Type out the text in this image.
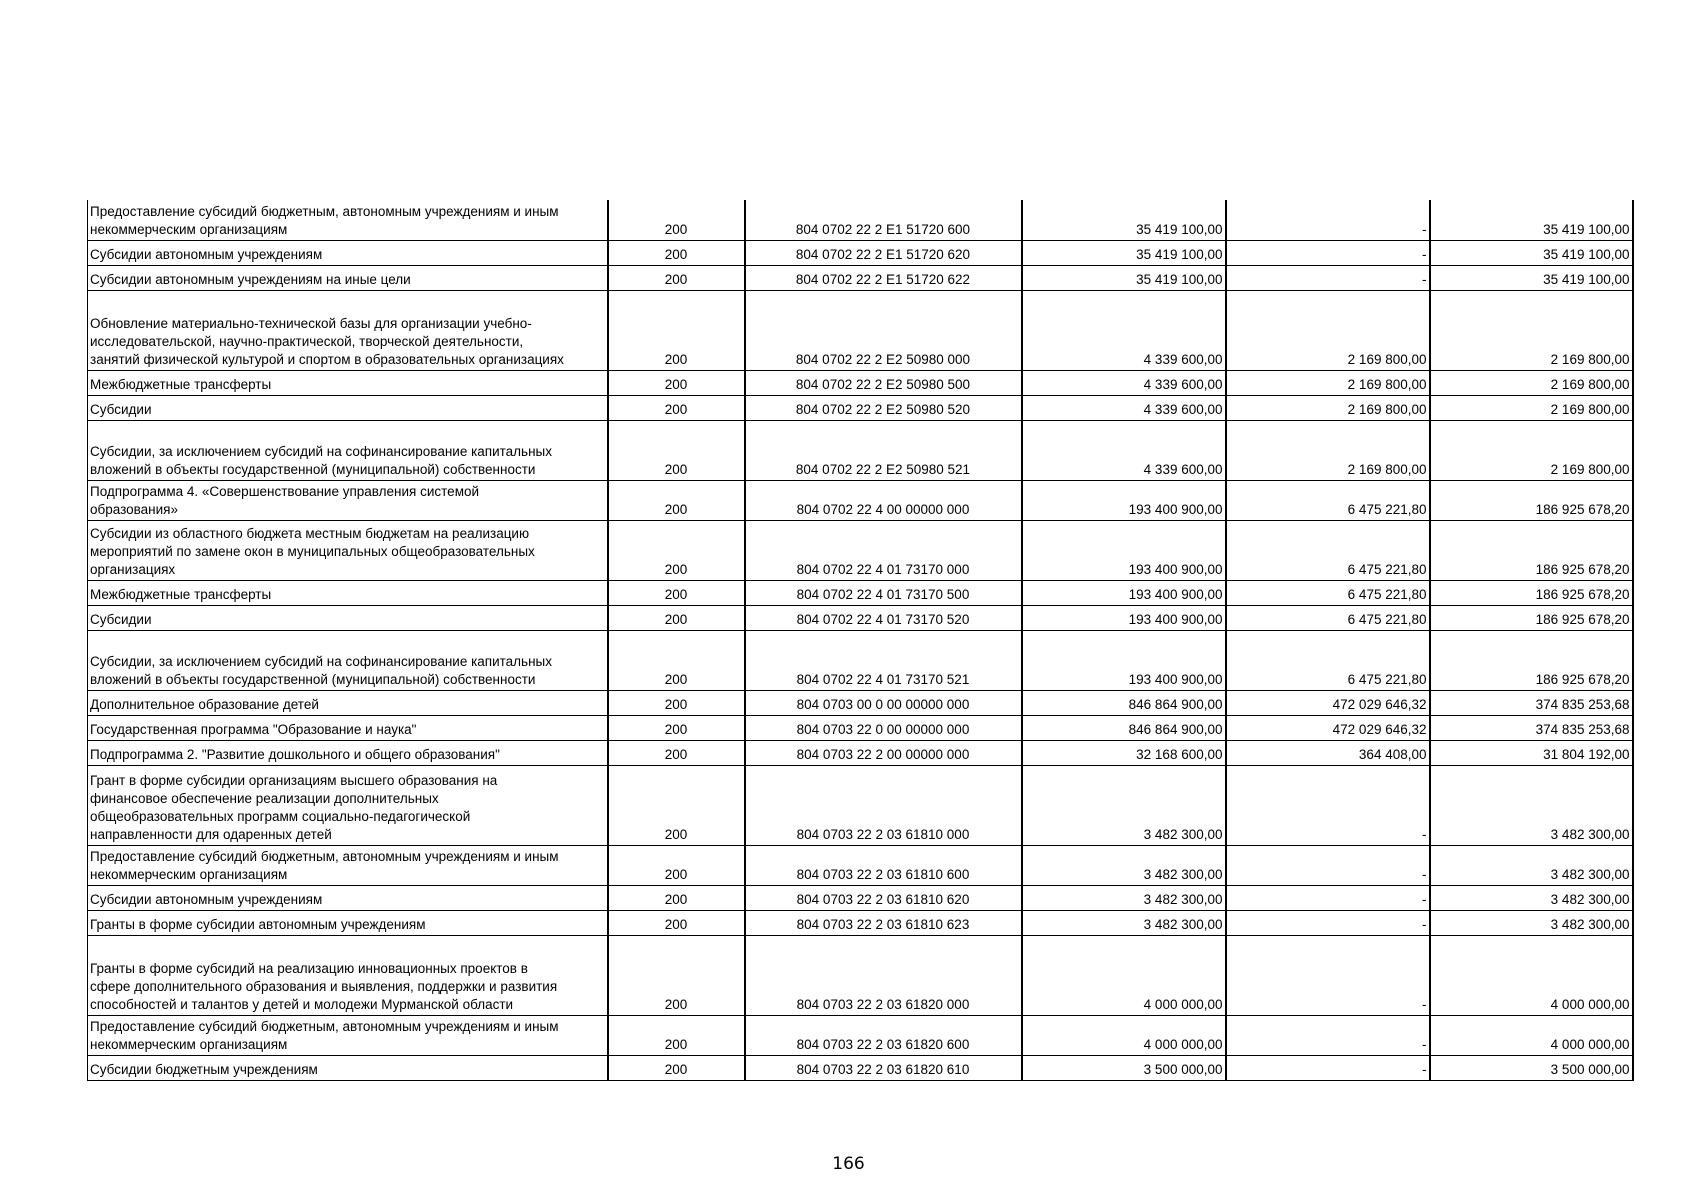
Предоставление субсидий бюджетным, автономным учреждениям и иным
некоммерческим организациям	200	804 0702 22 2 E1 51720 600	35 419 100,00	-	35 419 100,00
Субсидии автономным учреждениям	200	804 0702 22 2 E1 51720 620	35 419 100,00	-	35 419 100,00
Субсидии автономным учреждениям на иные цели	200	804 0702 22 2 E1 51720 622	35 419 100,00	-	35 419 100,00

Обновление материально-технической базы для организации учебно-
исследовательской, научно-практической, творческой деятельности,
занятий физической культурой и спортом в образовательных организациях	200	804 0702 22 2 E2 50980 000	4 339 600,00	2 169 800,00	2 169 800,00
Межбюджетные трансферты	200	804 0702 22 2 E2 50980 500	4 339 600,00	2 169 800,00	2 169 800,00
Субсидии	200	804 0702 22 2 E2 50980 520	4 339 600,00	2 169 800,00	2 169 800,00

Субсидии, за исключением субсидий на софинансирование капитальных
вложений в объекты государственной (муниципальной) собственности	200	804 0702 22 2 E2 50980 521	4 339 600,00	2 169 800,00	2 169 800,00
Подпрограмма 4. «Совершенствование управления системой
образования»	200	804 0702 22 4 00 00000 000	193 400 900,00	6 475 221,80	186 925 678,20
Субсидии из областного бюджета местным бюджетам на реализацию
мероприятий по замене окон в муниципальных общеобразовательных
организациях	200	804 0702 22 4 01 73170 000	193 400 900,00	6 475 221,80	186 925 678,20
Межбюджетные трансферты	200	804 0702 22 4 01 73170 500	193 400 900,00	6 475 221,80	186 925 678,20
Субсидии	200	804 0702 22 4 01 73170 520	193 400 900,00	6 475 221,80	186 925 678,20

Субсидии, за исключением субсидий на софинансирование капитальных
вложений в объекты государственной (муниципальной) собственности	200	804 0702 22 4 01 73170 521	193 400 900,00	6 475 221,80	186 925 678,20
Дополнительное образование детей	200	804 0703 00 0 00 00000 000	846 864 900,00	472 029 646,32	374 835 253,68
Государственная программа "Образование и наука"	200	804 0703 22 0 00 00000 000	846 864 900,00	472 029 646,32	374 835 253,68
Подпрограмма 2. "Развитие дошкольного и общего образования"	200	804 0703 22 2 00 00000 000	32 168 600,00	364 408,00	31 804 192,00
Грант в форме субсидии организациям высшего образования на
финансовое обеспечение реализации дополнительных
общеобразовательных программ социально-педагогической
направленности для одаренных детей	200	804 0703 22 2 03 61810 000	3 482 300,00	-	3 482 300,00
Предоставление субсидий бюджетным, автономным учреждениям и иным
некоммерческим организациям	200	804 0703 22 2 03 61810 600	3 482 300,00	-	3 482 300,00
Субсидии автономным учреждениям	200	804 0703 22 2 03 61810 620	3 482 300,00	-	3 482 300,00
Гранты в форме субсидии автономным учреждениям	200	804 0703 22 2 03 61810 623	3 482 300,00	-	3 482 300,00

Гранты в форме субсидий на реализацию инновационных проектов в
сфере дополнительного образования и выявления, поддержки и развития
способностей и талантов у детей и молодежи Мурманской области	200	804 0703 22 2 03 61820 000	4 000 000,00	-	4 000 000,00
Предоставление субсидий бюджетным, автономным учреждениям и иным
некоммерческим организациям	200	804 0703 22 2 03 61820 600	4 000 000,00	-	4 000 000,00
Субсидии бюджетным учреждениям	200	804 0703 22 2 03 61820 610	3 500 000,00	-	3 500 000,00
166
